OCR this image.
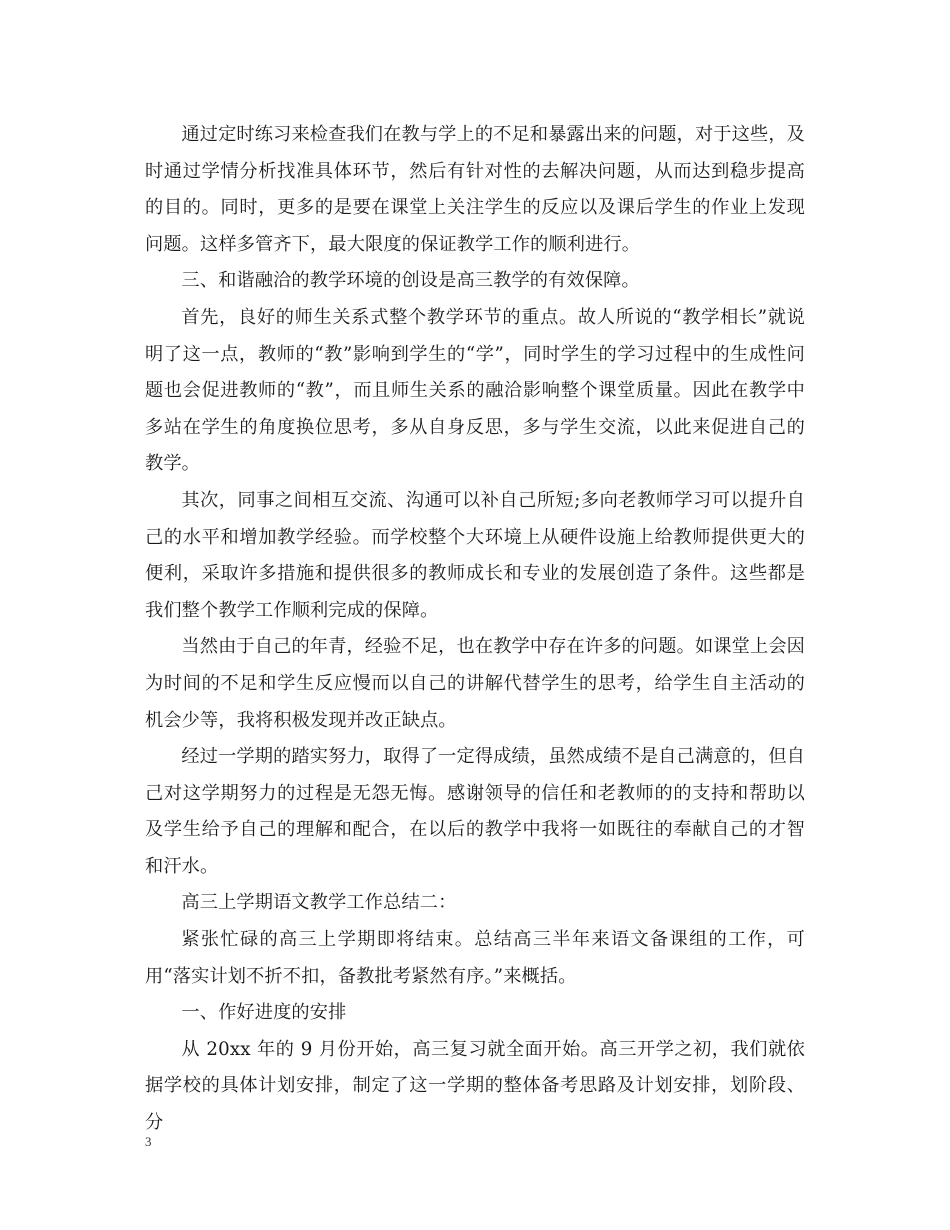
通过定时练习来检查我们在教与学上的不足和暴露出来的问题，对于这些，及时通过学情分析找准具体环节，然后有针对性的去解决问题，从而达到稳步提高的目的。同时，更多的是要在课堂上关注学生的反应以及课后学生的作业上发现问题。这样多管齐下，最大限度的保证教学工作的顺利进行。

三、和谐融洽的教学环境的创设是高三教学的有效保障。

首先，良好的师生关系式整个教学环节的重点。故人所说的“教学相长”就说明了这一点，教师的“教”影响到学生的“学”，同时学生的学习过程中的生成性问题也会促进教师的“教”，而且师生关系的融洽影响整个课堂质量。因此在教学中多站在学生的角度换位思考，多从自身反思，多与学生交流，以此来促进自己的教学。

其次，同事之间相互交流、沟通可以补自己所短;多向老教师学习可以提升自己的水平和增加教学经验。而学校整个大环境上从硬件设施上给教师提供更大的便利，采取许多措施和提供很多的教师成长和专业的发展创造了条件。这些都是我们整个教学工作顺利完成的保障。

当然由于自己的年青，经验不足，也在教学中存在许多的问题。如课堂上会因为时间的不足和学生反应慢而以自己的讲解代替学生的思考，给学生自主活动的机会少等，我将积极发现并改正缺点。

经过一学期的踏实努力，取得了一定得成绩，虽然成绩不是自己满意的，但自己对这学期努力的过程是无怨无悔。感谢领导的信任和老教师的的支持和帮助以及学生给予自己的理解和配合，在以后的教学中我将一如既往的奉献自己的才智和汗水。

高三上学期语文教学工作总结二：

紧张忙碌的高三上学期即将结束。总结高三半年来语文备课组的工作，可用“落实计划不折不扣，备教批考紧然有序。”来概括。

一、作好进度的安排

从 20xx 年的 9 月份开始，高三复习就全面开始。高三开学之初，我们就依据学校的具体计划安排，制定了这一学期的整体备考思路及计划安排，划阶段、分

3
